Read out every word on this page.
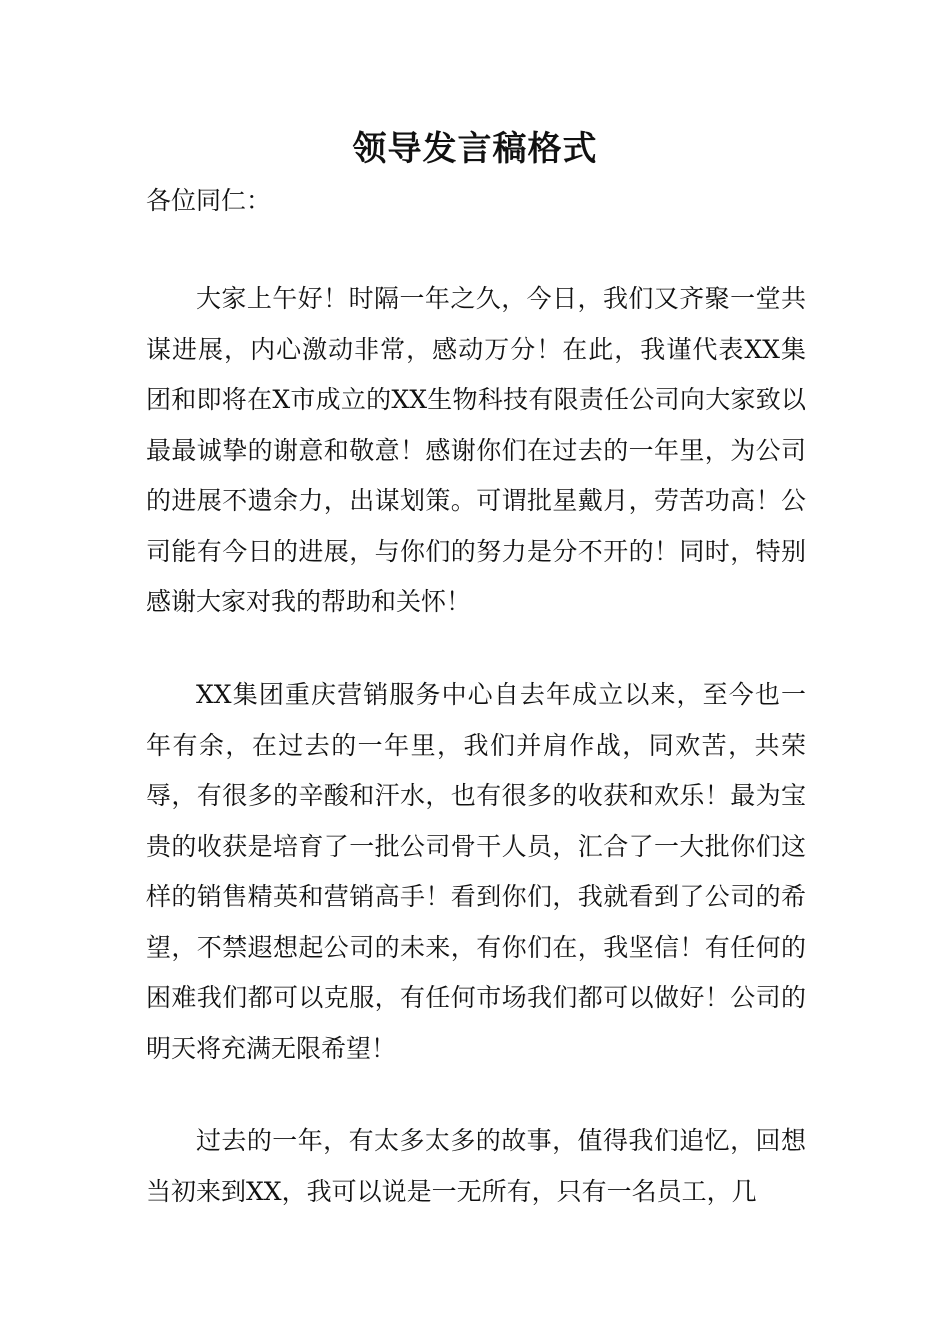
领导发言稿格式

各位同仁：

大家上午好！时隔一年之久，今日，我们又齐聚一堂共谋进展，内心激动非常，感动万分！在此，我谨代表XX集团和即将在X市成立的XX生物科技有限责任公司向大家致以最最诚挚的谢意和敬意！感谢你们在过去的一年里，为公司的进展不遗余力，出谋划策。可谓批星戴月，劳苦功高！公司能有今日的进展，与你们的努力是分不开的！同时，特别感谢大家对我的帮助和关怀！

XX集团重庆营销服务中心自去年成立以来，至今也一年有余，在过去的一年里，我们并肩作战，同欢苦，共荣辱，有很多的辛酸和汗水，也有很多的收获和欢乐！最为宝贵的收获是培育了一批公司骨干人员，汇合了一大批你们这样的销售精英和营销高手！看到你们，我就看到了公司的希望，不禁遐想起公司的未来，有你们在，我坚信！有任何的困难我们都可以克服，有任何市场我们都可以做好！公司的明天将充满无限希望！

过去的一年，有太多太多的故事，值得我们追忆，回想当初来到XX，我可以说是一无所有，只有一名员工，几
